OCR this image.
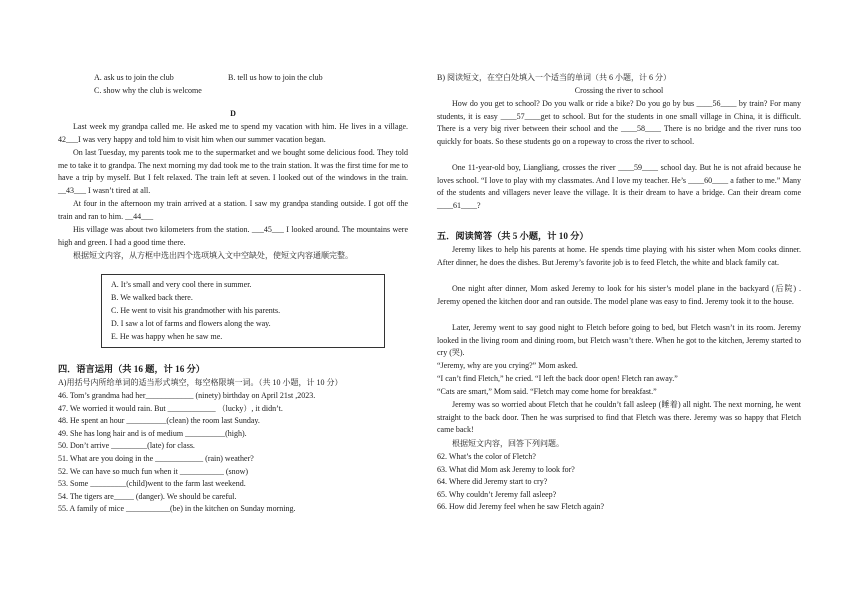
A. ask us to join the club	B. tell us how to join the club
C. show why the club is welcome
D

Last week my grandpa called me. He asked me to spend my vacation with him. He lives in a village. 42___I was very happy and told him to visit him when our summer vacation began.

On last Tuesday, my parents took me to the supermarket and we bought some delicious food. They told me to take it to grandpa. The next morning my dad took me to the train station. It was the first time for me to have a trip by myself. But I felt relaxed. The train left at seven. I looked out of the windows in the train. __43___ I wasn’t tired at all.

At four in the afternoon my train arrived at a station. I saw my grandpa standing outside. I got off the train and ran to him. __44___

His village was about two kilometers from the station. ___45___ I looked around. The mountains were high and green. I had a good time there.

根据短文内容，从方框中选出四个选项填入文中空缺处，使短文内容通顺完整。

A. It’s small and very cool there in summer.
B. We walked back there.
C. He went to visit his grandmother with his parents.
D. I saw a lot of farms and flowers along the way.
E. He was happy when he saw me.

四．语言运用（共 16 题，计 16 分）

A)用括号内所给单词的适当形式填空，每空格限填一词。（共 10 小题，计 10 分）

46. Tom’s grandma had her____________ (ninety) birthday on April 21st ,2023.
47. We worried it would rain. But ____________ （lucky）, it didn’t.
48. He spent an hour __________(clean) the room last Sunday.
49. She has long hair and is of medium __________(high).
50. Don’t arrive _________(late) for class.
51. What are you doing in the ____________ (rain) weather?
52. We can have so much fun when it ___________ (snow)
53. Some _________(child)went to the farm last weekend.
54. The tigers are_____ (danger). We should be careful.
55. A family of mice ___________(be) in the kitchen on Sunday morning.

B) 阅读短文，在空白处填入一个适当的单词（共 6 小题，计 6 分）

Crossing the river to school

How do you get to school? Do you walk or ride a bike? Do you go by bus ____56____ by train? For many students, it is easy ____57____get to school. But for the students in one small village in China, it is difficult. There is a very big river between their school and the ____58____ There is no bridge and the river runs too quickly for boats. So these students go on a ropeway to cross the river to school.

One 11-year-old boy, Liangliang, crosses the river ____59____ school day. But he is not afraid because he loves school. “I love to play with my classmates. And I love my teacher. He’s ____60____ a father to me.” Many of the students and villagers never leave the village. It is their dream to have a bridge. Can their dream come ____61____?

五．阅读简答（共 5 小题，计 10 分）

Jeremy likes to help his parents at home. He spends time playing with his sister when Mom cooks dinner. After dinner, he does the dishes. But Jeremy’s favorite job is to feed Fletch, the white and black family cat.

One night after dinner, Mom asked Jeremy to look for his sister’s model plane in the backyard (后院) . Jeremy opened the kitchen door and ran outside. The model plane was easy to find. Jeremy took it to the house.

Later, Jeremy went to say good night to Fletch before going to bed, but Fletch wasn’t in its room. Jeremy looked in the living room and dining room, but Fletch wasn’t there. When he got to the kitchen, Jeremy started to cry (哭).

“Jeremy, why are you crying?” Mom asked.

“I can’t find Fletch,” he cried. “I left the back door open! Fletch ran away.”

“Cats are smart,” Mom said. “Fletch may come home for breakfast.”

Jeremy was so worried about Fletch that he couldn’t fall asleep (睡着) all night. The next morning, he went straight to the back door. Then he was surprised to find that Fletch was there. Jeremy was so happy that Fletch came back!

根据短文内容，回答下列问题。

62. What’s the color of Fletch?
63. What did Mom ask Jeremy to look for?
64. Where did Jeremy start to cry?
65. Why couldn’t Jeremy fall asleep?
66. How did Jeremy feel when he saw Fletch again?
